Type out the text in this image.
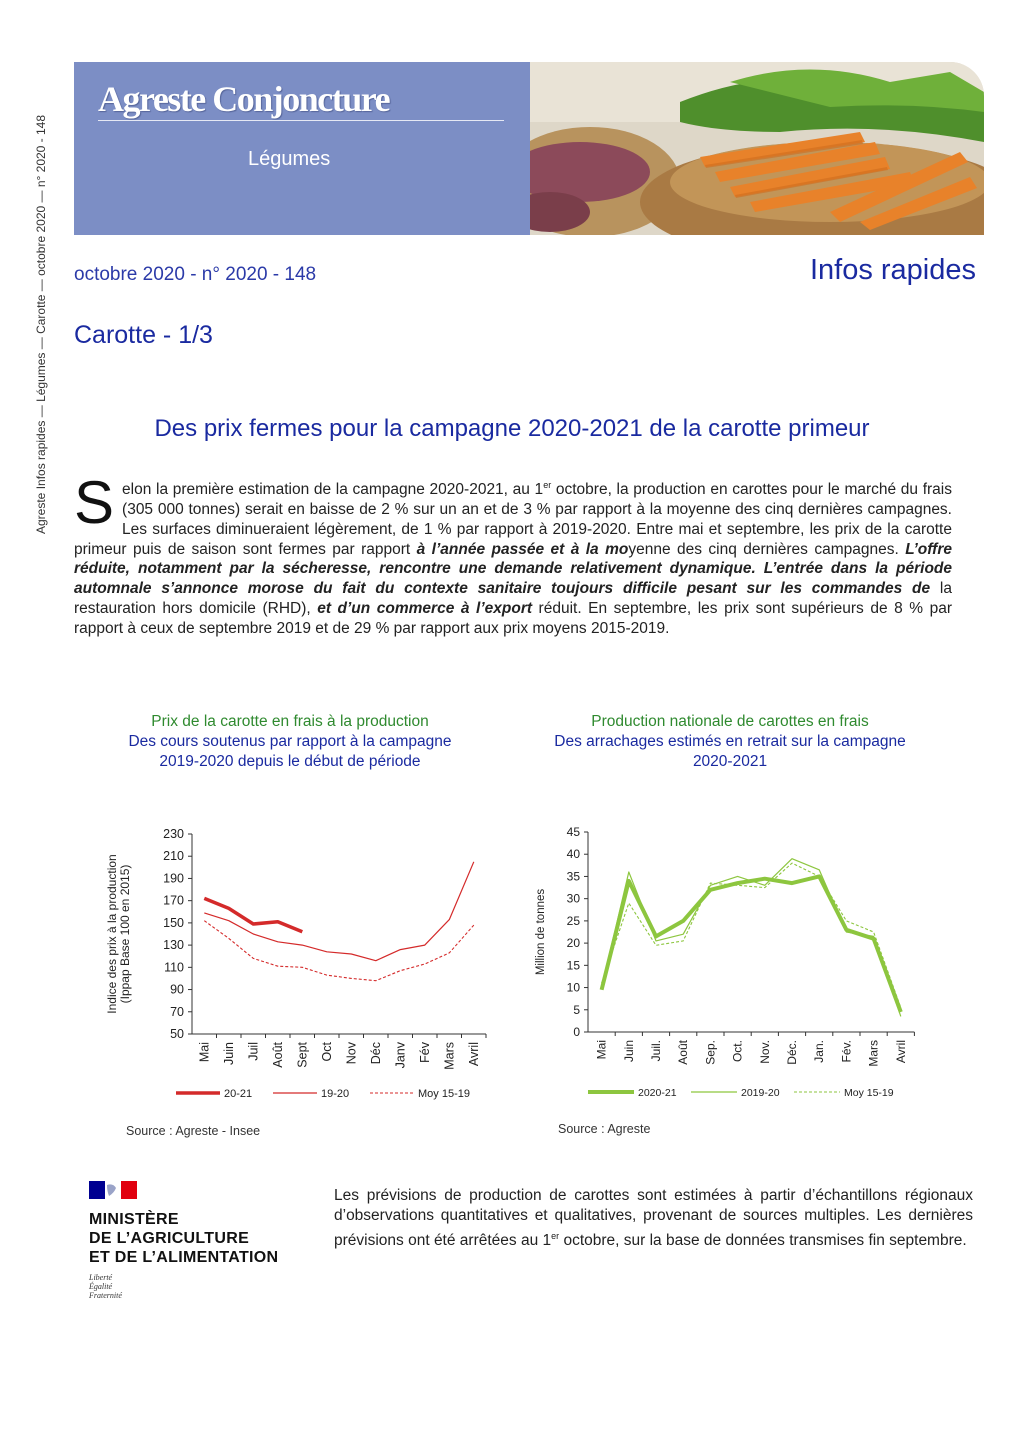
Agreste Infos rapides — Légumes — Carotte — octobre 2020 — n° 2020 - 148
Agreste Conjoncture
Légumes
octobre 2020 - n° 2020 - 148	Infos rapides
Carotte - 1/3
Des prix fermes pour la campagne 2020-2021 de la carotte primeur
Selon la première estimation de la campagne 2020-2021, au 1er octobre, la production en carottes pour le marché du frais (305 000 tonnes) serait en baisse de 2 % sur un an et de 3 % par rapport à la moyenne des cinq dernières campagnes. Les surfaces diminueraient légèrement, de 1 % par rapport à 2019-2020. Entre mai et septembre, les prix de la carotte primeur puis de saison sont fermes par rapport à l’année passée et à la moyenne des cinq dernières campagnes. L’offre réduite, notamment par la sécheresse, rencontre une demande relativement dynamique. L’entrée dans la période automnale s’annonce morose du fait du contexte sanitaire toujours difficile pesant sur les commandes de la restauration hors domicile (RHD), et d’un commerce à l’export réduit. En septembre, les prix sont supérieurs de 8 % par rapport à ceux de septembre 2019 et de 29 % par rapport aux prix moyens 2015-2019.
Prix de la carotte en frais à la production
Des cours soutenus par rapport à la campagne
2019-2020 depuis le début de période
Production nationale de carottes en frais
Des arrachages estimés en retrait sur la campagne
2020-2021
50
70
90
110
130
150
170
190
210
230
Mai Juin Juil Août Sept Oct Nov Déc Janv Fév Mars Avril
Indice des prix à la production(Ippap Base 100 en 2015)
20-21	19-20	Moy 15-19
0
5
10
15
20
25
30
35
40
45
Mai Juin Juil. Août Sep. Oct. Nov. Déc. Jan. Fév. Mars Avril
Million de tonnes
2020-21	2019-20	Moy 15-19
Source : Agreste - Insee	Source : Agreste
MINISTÈRE
DE L’AGRICULTURE
ET DE L’ALIMENTATION
Liberté
Égalité
Fraternité
Les prévisions de production de carottes sont estimées à partir d’échantillons régionaux d’observations quantitatives et qualitatives, provenant de sources multiples. Les dernières prévisions ont été arrêtées au 1er octobre, sur la base de données transmises fin septembre.
